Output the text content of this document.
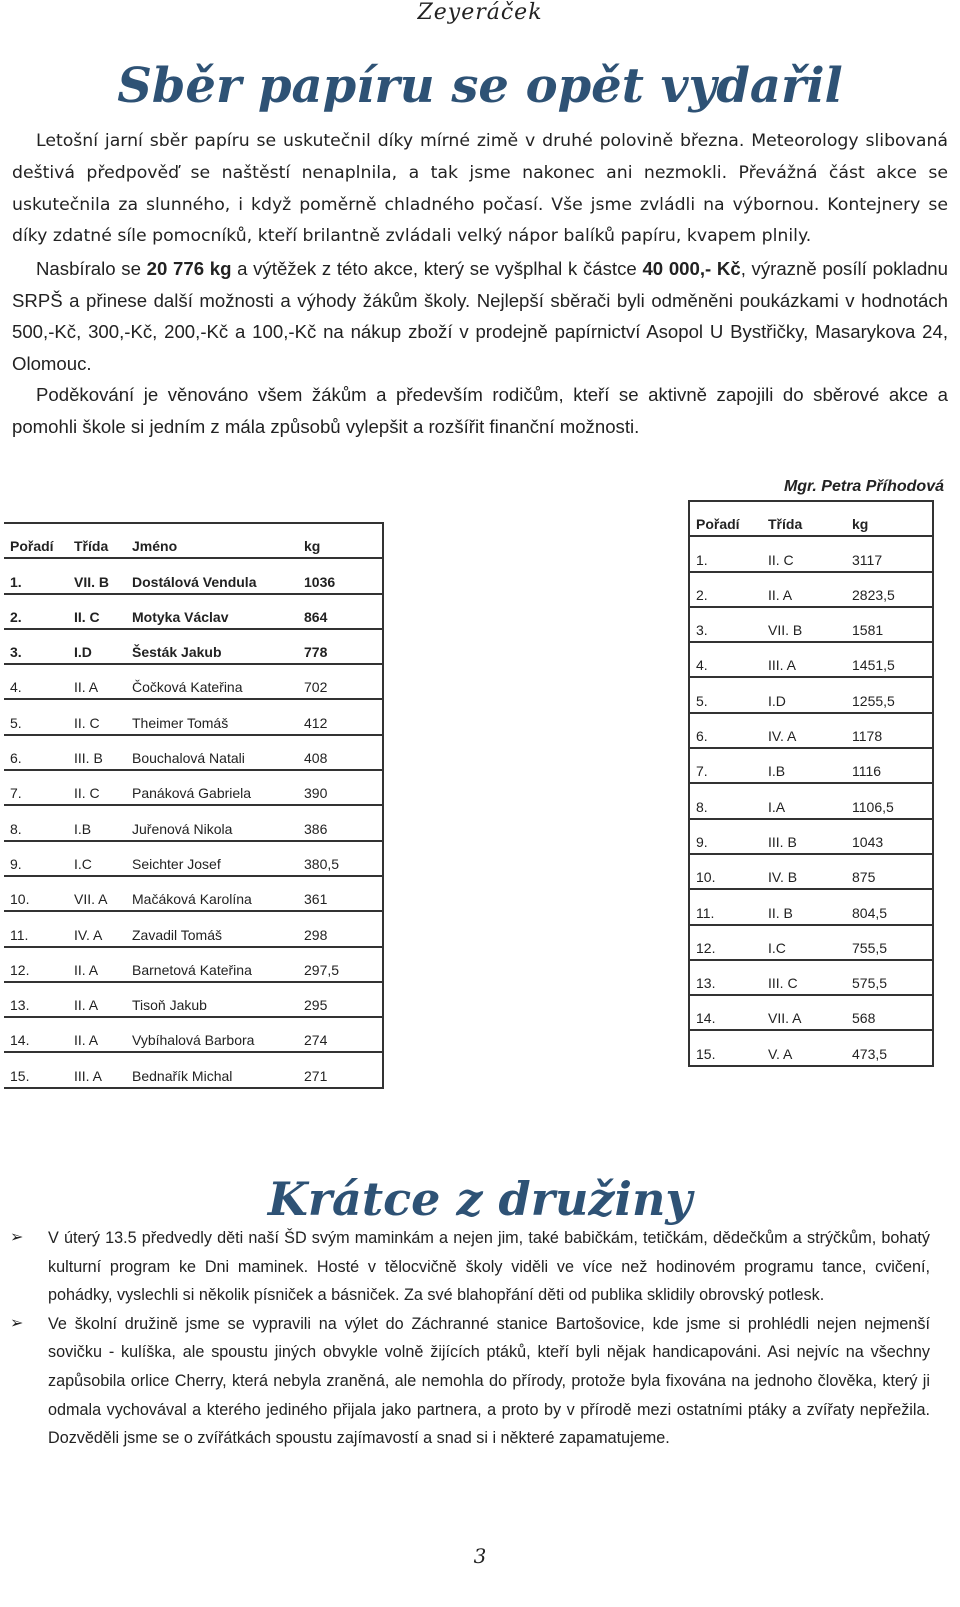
Zeyeráček
Sběr papíru se opět vydařil

Letošní jarní sběr papíru se uskutečnil díky mírné zimě v druhé polovině března. Meteorology slibovaná deštivá předpověď se naštěstí nenaplnila, a tak jsme nakonec ani nezmokli. Převážná část akce se uskutečnila za slunného, i když poměrně chladného počasí. Vše jsme zvládli na výbornou. Kontejnery se díky zdatné síle pomocníků, kteří brilantně zvládali velký nápor balíků papíru, kvapem plnily.

Nasbíralo se 20 776 kg a výtěžek z této akce, který se vyšplhal k částce 40 000,- Kč, výrazně posílí pokladnu SRPŠ a přinese další možnosti a výhody žákům školy. Nejlepší sběrači byli odměněni poukázkami v hodnotách 500,-Kč, 300,-Kč, 200,-Kč a 100,-Kč na nákup zboží v prodejně papírnictví Asopol U Bystřičky, Masarykova 24, Olomouc.

Poděkování je věnováno všem žákům a především rodičům, kteří se aktivně zapojili do sběrové akce a pomohli škole si jedním z mála způsobů vylepšit a rozšířit finanční možnosti.

Mgr. Petra Příhodová
Pořadí	Třída	Jméno	kg
1.	VII. B	Dostálová Vendula	1036
2.	II. C	Motyka Václav	864
3.	I.D	Šesták Jakub	778
4.	II. A	Čočková Kateřina	702
5.	II. C	Theimer Tomáš	412
6.	III. B	Bouchalová Natali	408
7.	II. C	Panáková Gabriela	390
8.	I.B	Juřenová Nikola	386
9.	I.C	Seichter Josef	380,5
10.	VII. A	Mačáková Karolína	361
11.	IV. A	Zavadil Tomáš	298
12.	II. A	Barnetová Kateřina	297,5
13.	II. A	Tisoň Jakub	295
14.	II. A	Vybíhalová Barbora	274
15.	III. A	Bednařík Michal	271
Pořadí	Třída	kg
1.	II. C	3117
2.	II. A	2823,5
3.	VII. B	1581
4.	III. A	1451,5
5.	I.D	1255,5
6.	IV. A	1178
7.	I.B	1116
8.	I.A	1106,5
9.	III. B	1043
10.	IV. B	875
11.	II. B	804,5
12.	I.C	755,5
13.	III. C	575,5
14.	VII. A	568
15.	V. A	473,5
Krátce z družiny
➢ V úterý 13.5 předvedly děti naší ŠD svým maminkám a nejen jim, také babičkám, tetičkám, dědečkům a strýčkům, bohatý kulturní program ke Dni maminek. Hosté v tělocvičně školy viděli ve více než hodinovém programu tance, cvičení, pohádky, vyslechli si několik písniček a básniček. Za své blahopřání děti od publika sklidily obrovský potlesk.
➢ Ve školní družině jsme se vypravili na výlet do Záchranné stanice Bartošovice, kde jsme si prohlédli nejen nejmenší sovičku - kulíška, ale spoustu jiných obvykle volně žijících ptáků, kteří byli nějak handicapováni. Asi nejvíc na všechny zapůsobila orlice Cherry, která nebyla zraněná, ale nemohla do přírody, protože byla fixována na jednoho člověka, který ji odmala vychovával a kterého jediného přijala jako partnera, a proto by v přírodě mezi ostatními ptáky a zvířaty nepřežila. Dozvěděli jsme se o zvířátkách spoustu zajímavostí a snad si i některé zapamatujeme.
3
